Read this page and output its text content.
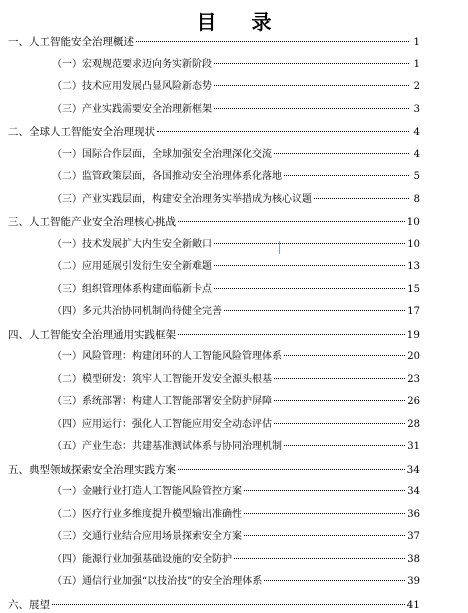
目 录
一、人工智能安全治理概述	1
（一）宏观规范要求迈向务实新阶段	1
（二）技术应用发展凸显风险新态势	2
（三）产业实践需要安全治理新框架	3
二、全球人工智能安全治理现状	4
（一）国际合作层面，全球加强安全治理深化交流	4
（二）监管政策层面，各国推动安全治理体系化落地	5
（三）产业实践层面，构建安全治理务实举措成为核心议题	8
三、人工智能产业安全治理核心挑战	10
（一）技术发展扩大内生安全新敞口	10
（二）应用延展引发衍生安全新难题	13
（三）组织管理体系构建面临新卡点	15
（四）多元共治协同机制尚待健全完善	17
四、人工智能安全治理通用实践框架	19
（一）风险管理：构建闭环的人工智能风险管理体系	20
（二）模型研发：筑牢人工智能开发安全源头根基	23
（三）系统部署：构建人工智能部署安全防护屏障	26
（四）应用运行：强化人工智能应用安全动态评估	28
（五）产业生态：共建基准测试体系与协同治理机制	31
五、典型领域探索安全治理实践方案	34
（一）金融行业打造人工智能风险管控方案	34
（二）医疗行业多维度提升模型输出准确性	36
（三）交通行业结合应用场景探索安全方案	37
（四）能源行业加强基础设施的安全防护	38
（五）通信行业加强“以技治技”的安全治理体系	39
六、展望	41
